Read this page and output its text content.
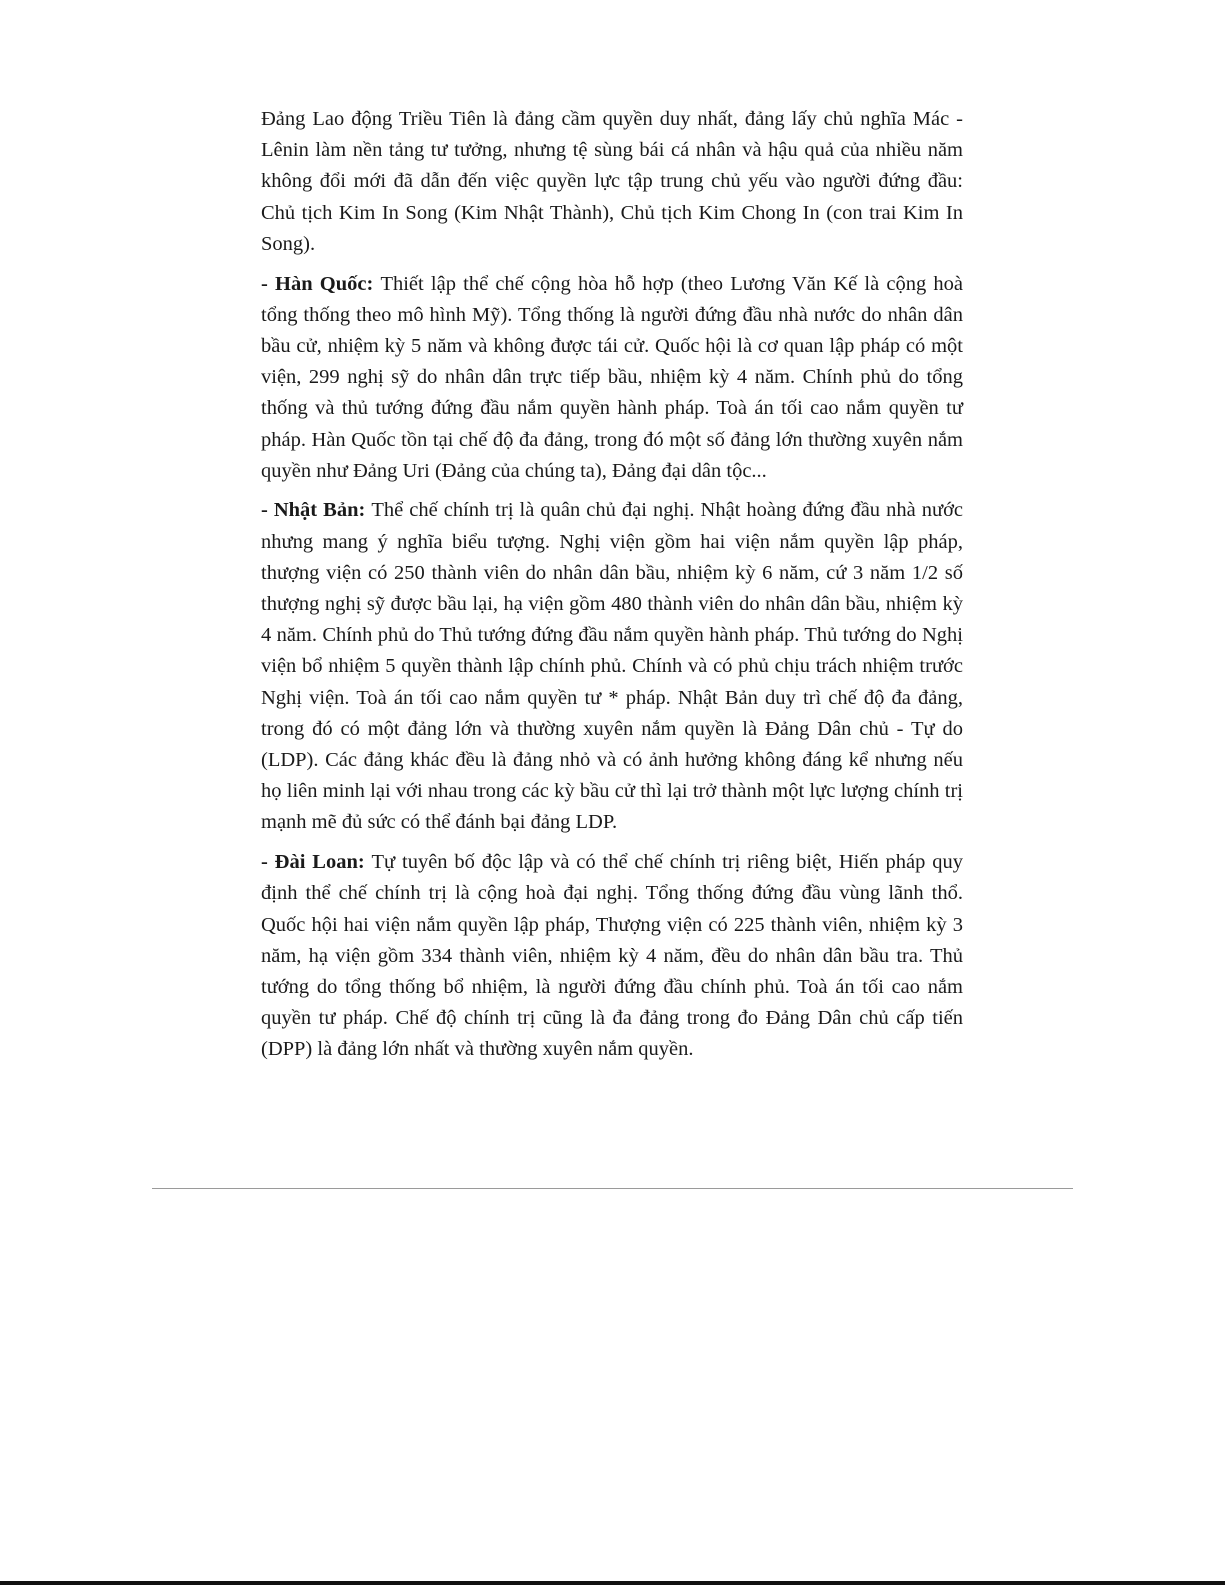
Đảng Lao động Triều Tiên là đảng cầm quyền duy nhất, đảng lấy chủ nghĩa Mác - Lênin làm nền tảng tư tưởng, nhưng tệ sùng bái cá nhân và hậu quả của nhiều năm không đổi mới đã dẫn đến việc quyền lực tập trung chủ yếu vào người đứng đầu: Chủ tịch Kim In Song (Kim Nhật Thành), Chủ tịch Kim Chong In (con trai Kim In Song).

- Hàn Quốc: Thiết lập thể chế cộng hòa hỗ hợp (theo Lương Văn Kế là cộng hoà tổng thống theo mô hình Mỹ). Tổng thống là người đứng đầu nhà nước do nhân dân bầu cử, nhiệm kỳ 5 năm và không được tái cử. Quốc hội là cơ quan lập pháp có một viện, 299 nghị sỹ do nhân dân trực tiếp bầu, nhiệm kỳ 4 năm. Chính phủ do tổng thống và thủ tướng đứng đầu nắm quyền hành pháp. Toà án tối cao nắm quyền tư pháp. Hàn Quốc tồn tại chế độ đa đảng, trong đó một số đảng lớn thường xuyên nắm quyền như Đảng Uri (Đảng của chúng ta), Đảng đại dân tộc...

- Nhật Bản: Thể chế chính trị là quân chủ đại nghị. Nhật hoàng đứng đầu nhà nước nhưng mang ý nghĩa biểu tượng. Nghị viện gồm hai viện nắm quyền lập pháp, thượng viện có 250 thành viên do nhân dân bầu, nhiệm kỳ 6 năm, cứ 3 năm 1/2 số thượng nghị sỹ được bầu lại, hạ viện gồm 480 thành viên do nhân dân bầu, nhiệm kỳ 4 năm. Chính phủ do Thủ tướng đứng đầu nắm quyền hành pháp. Thủ tướng do Nghị viện bổ nhiệm 5 quyền thành lập chính phủ. Chính và có phủ chịu trách nhiệm trước Nghị viện. Toà án tối cao nắm quyền tư * pháp. Nhật Bản duy trì chế độ đa đảng, trong đó có một đảng lớn và thường xuyên nắm quyền là Đảng Dân chủ - Tự do (LDP). Các đảng khác đều là đảng nhỏ và có ảnh hưởng không đáng kể nhưng nếu họ liên minh lại với nhau trong các kỳ bầu cử thì lại trở thành một lực lượng chính trị mạnh mẽ đủ sức có thể đánh bại đảng LDP.

- Đài Loan: Tự tuyên bố độc lập và có thể chế chính trị riêng biệt, Hiến pháp quy định thể chế chính trị là cộng hoà đại nghị. Tổng thống đứng đầu vùng lãnh thổ. Quốc hội hai viện nắm quyền lập pháp, Thượng viện có 225 thành viên, nhiệm kỳ 3 năm, hạ viện gồm 334 thành viên, nhiệm kỳ 4 năm, đều do nhân dân bầu tra. Thủ tướng do tổng thống bổ nhiệm, là người đứng đầu chính phủ. Toà án tối cao nắm quyền tư pháp. Chế độ chính trị cũng là đa đảng trong đo Đảng Dân chủ cấp tiến (DPP) là đảng lớn nhất và thường xuyên nắm quyền.
